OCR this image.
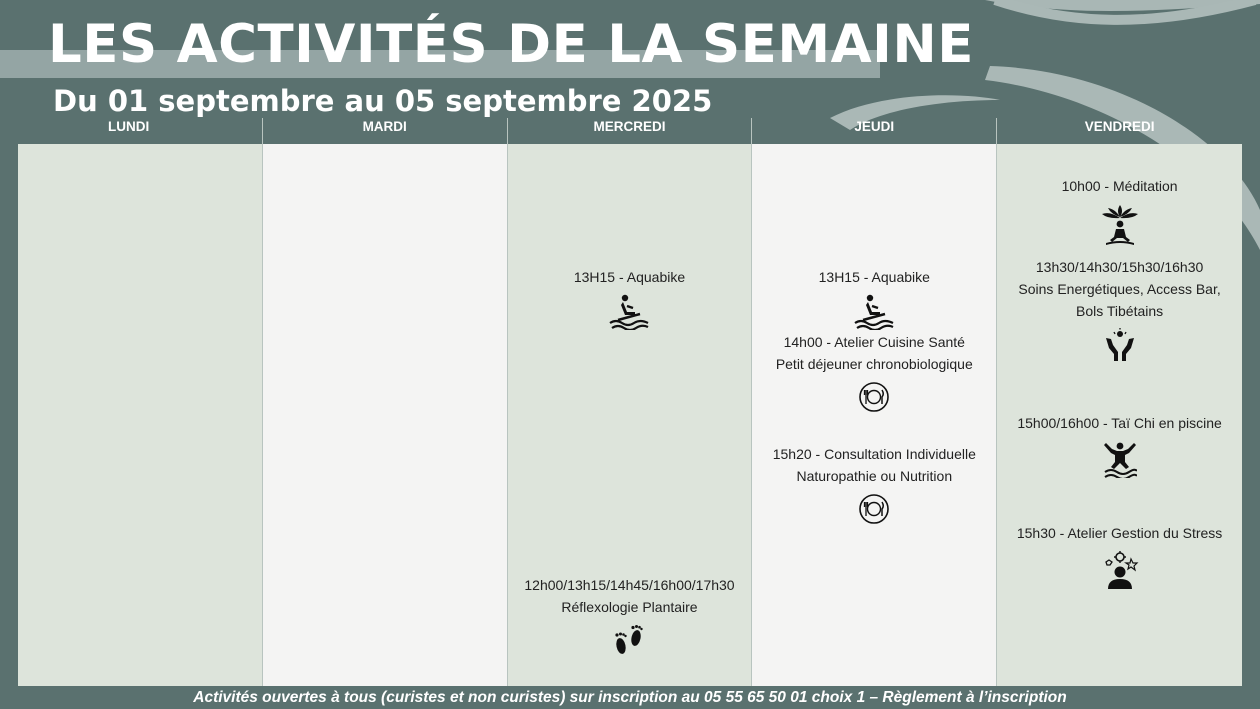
LES ACTIVITÉS DE LA SEMAINE
Du 01 septembre au 05 septembre 2025
LUNDI	MARDI	MERCREDI
13H15 - Aquabike
12h00/13h15/14h45/16h00/17h30
Réflexologie Plantaire
JEUDI
13H15 - Aquabike
14h00 - Atelier Cuisine Santé
Petit déjeuner chronobiologique
15h20 - Consultation Individuelle
Naturopathie ou Nutrition
VENDREDI
10h00 - Méditation
13h30/14h30/15h30/16h30
Soins Energétiques, Access Bar,
Bols Tibétains
15h00/16h00 - Taï Chi en piscine
15h30 - Atelier Gestion du Stress
Activités ouvertes à tous (curistes et non curistes) sur inscription au 05 55 65 50 01 choix 1 – Règlement à l’inscription
